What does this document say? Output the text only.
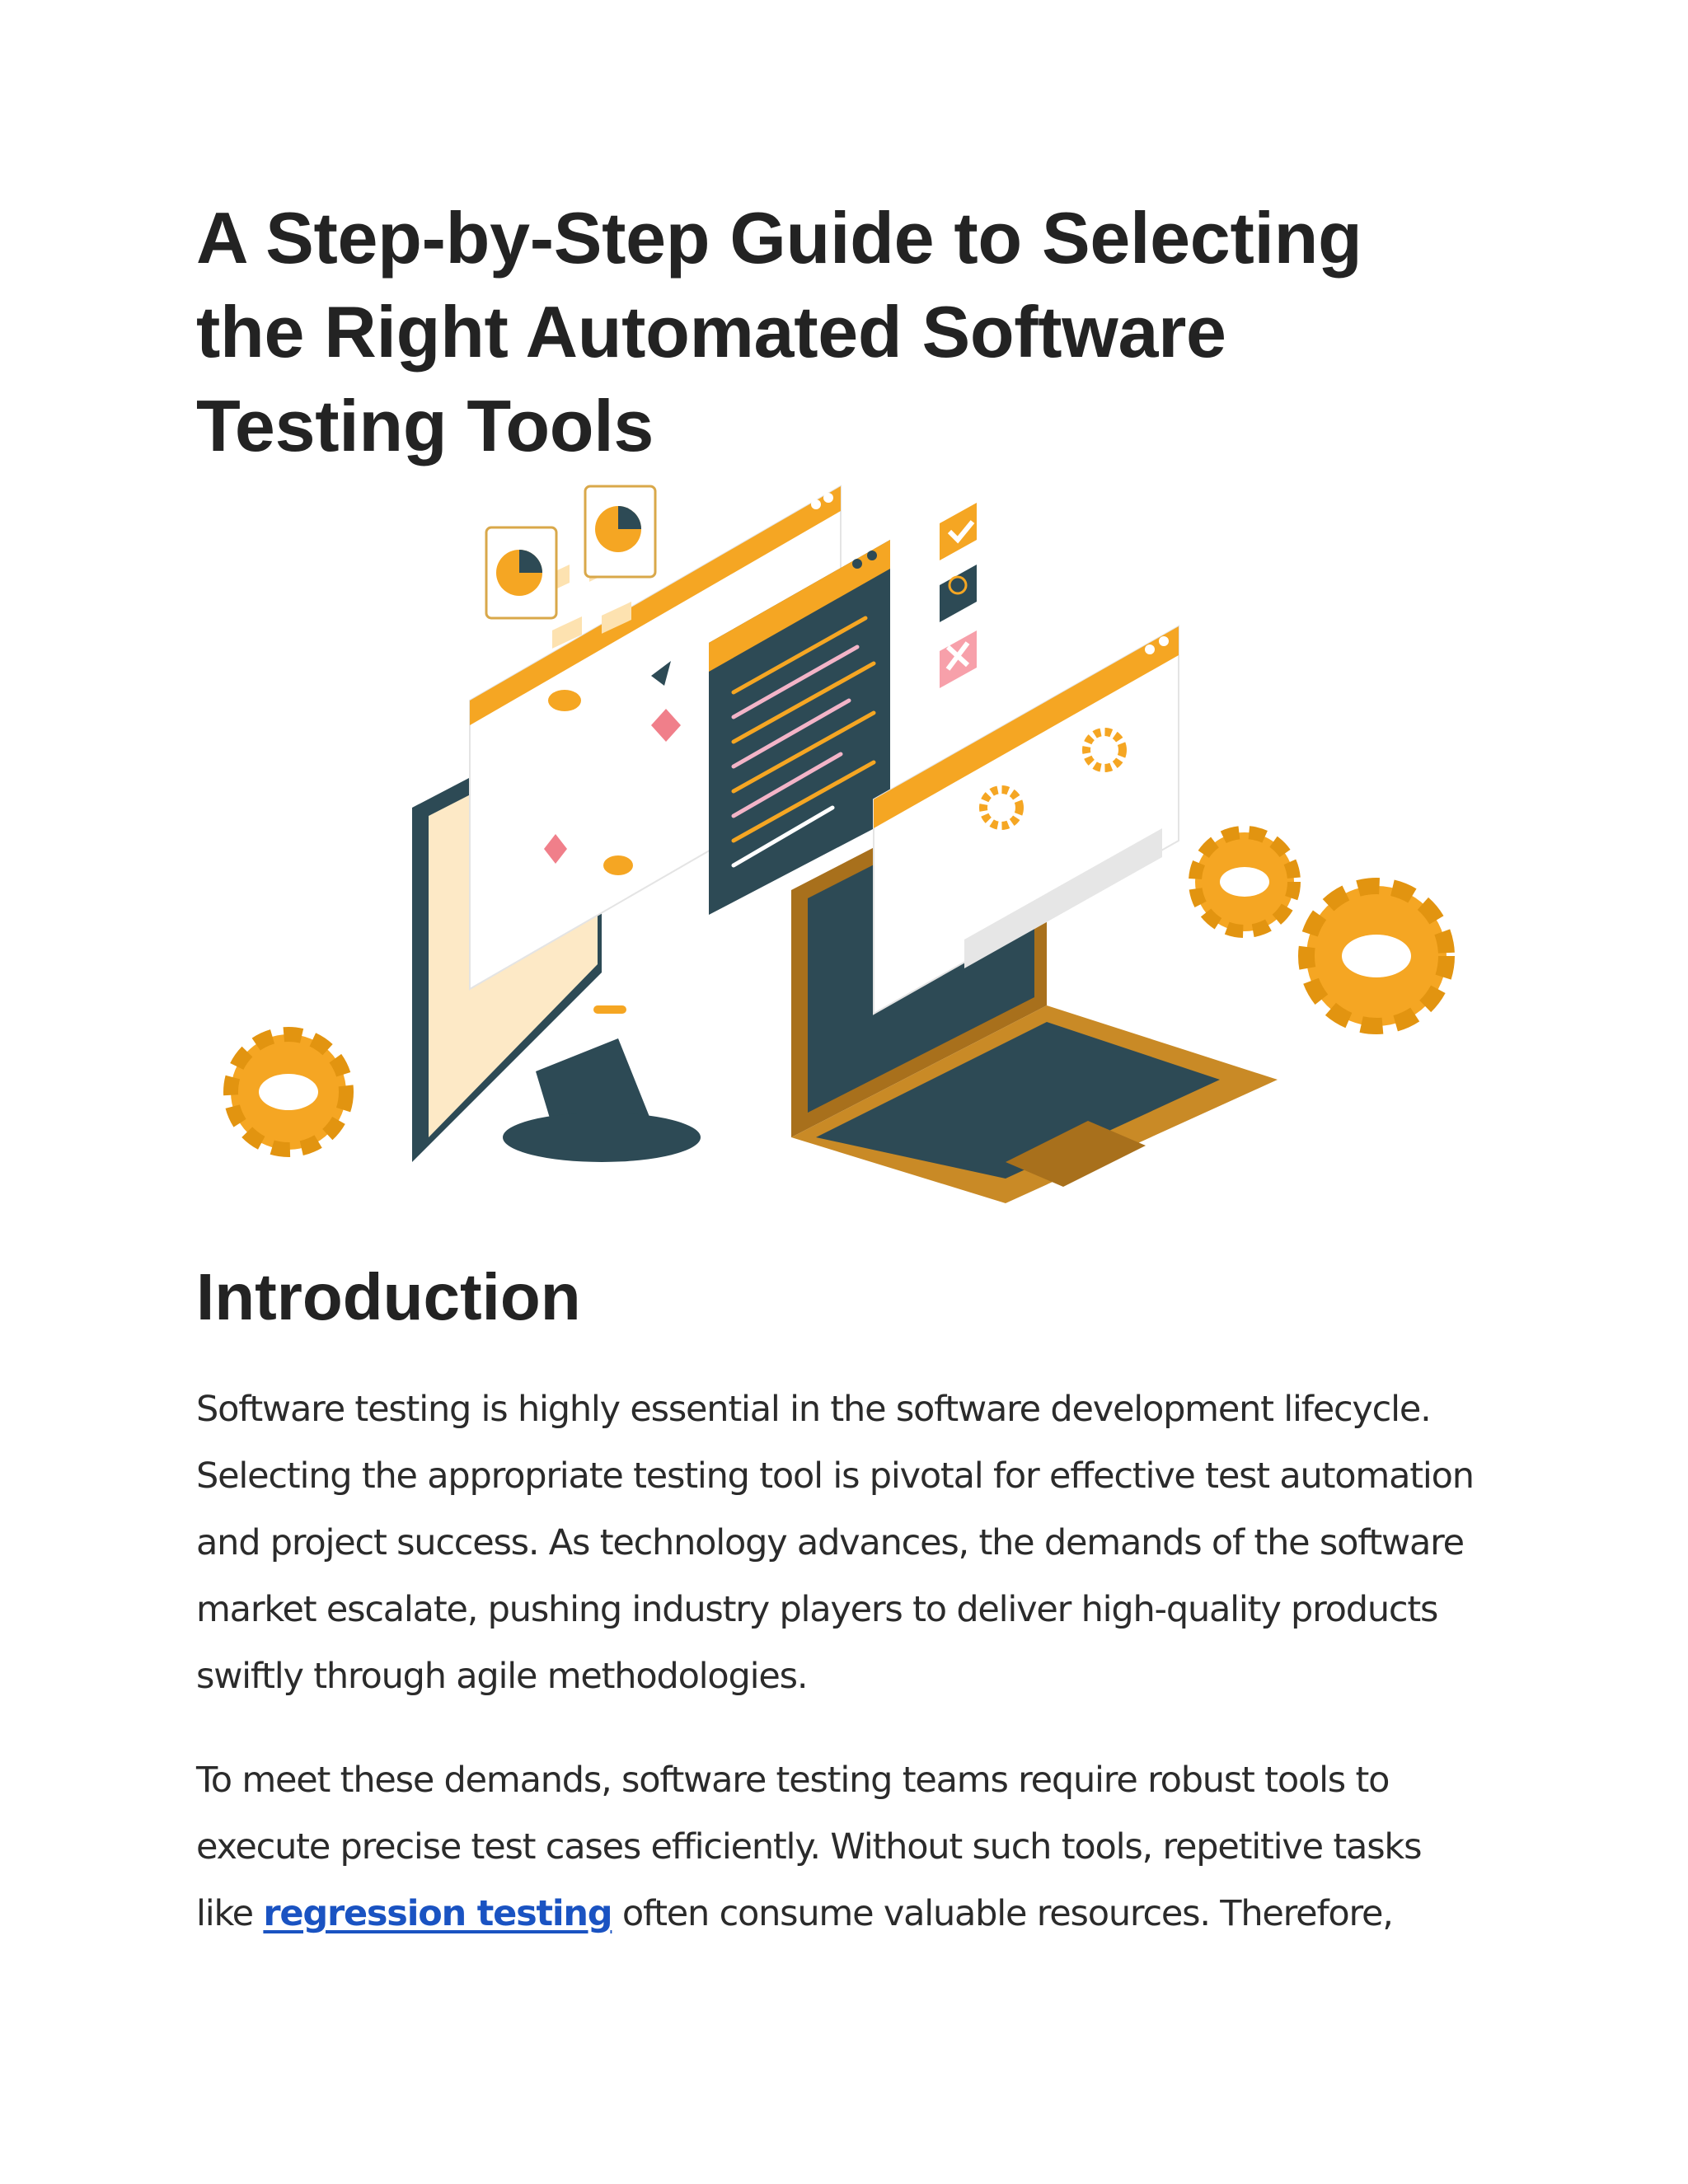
A Step-by-Step Guide to Selecting the Right Automated Software Testing Tools
Introduction

Software testing is highly essential in the software development lifecycle. Selecting the appropriate testing tool is pivotal for effective test automation and project success. As technology advances, the demands of the software market escalate, pushing industry players to deliver high-quality products swiftly through agile methodologies.

To meet these demands, software testing teams require robust tools to execute precise test cases efficiently. Without such tools, repetitive tasks like regression testing often consume valuable resources. Therefore,
